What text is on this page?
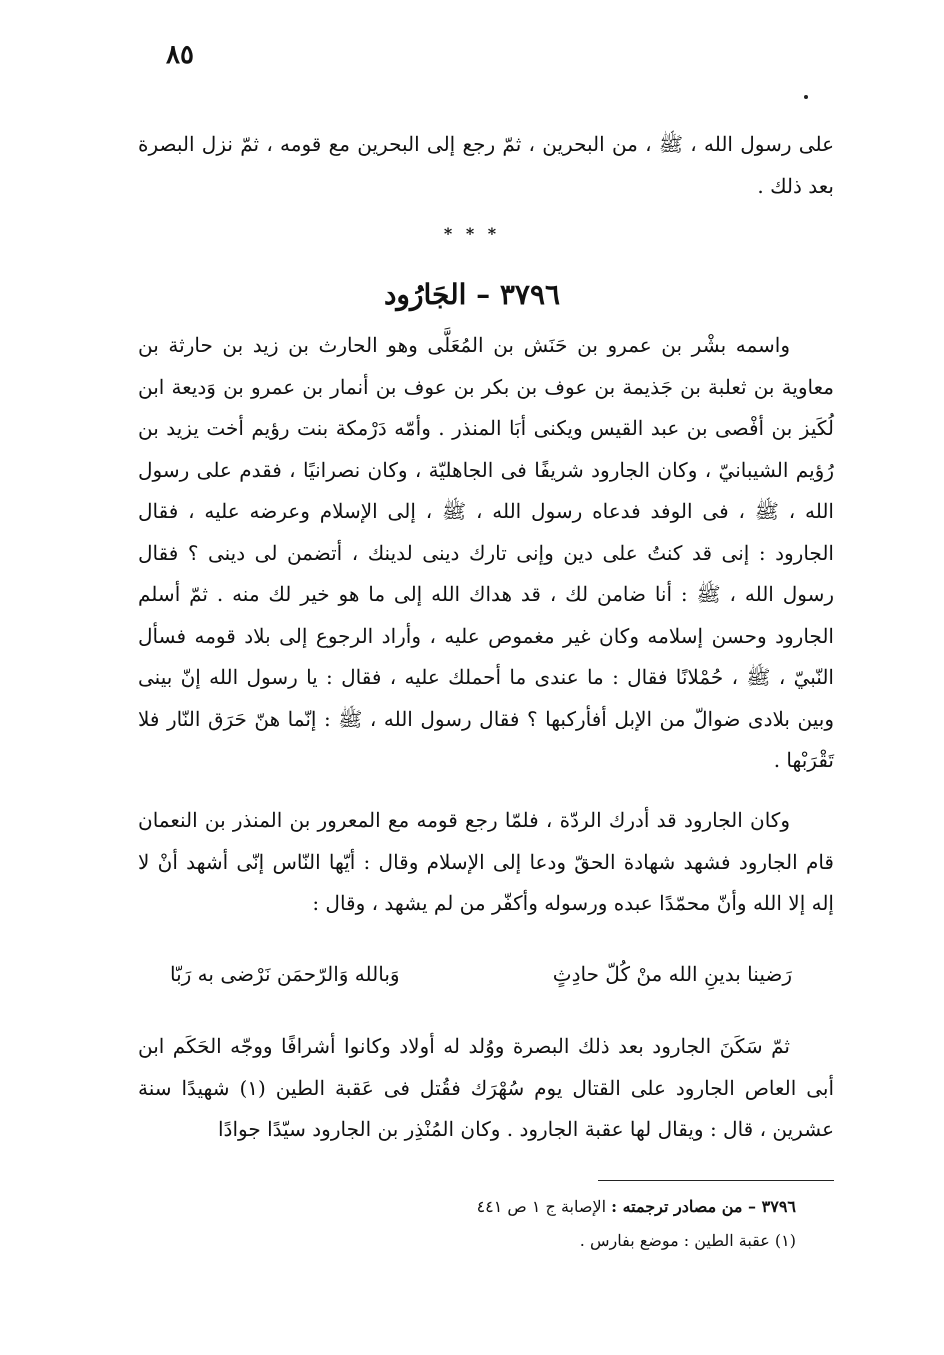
٨٥

على رسول الله ، ﷺ ، من البحرين ، ثمّ رجع إلى البحرين مع قومه ، ثمّ نزل البصرة بعد ذلك .

* * *
٣٧٩٦ – الجَارُود

واسمه بشْر بن عمرو بن حَنَش بن المُعَلَّى وهو الحارث بن زيد بن حارثة بن معاوية بن ثعلبة بن جَذيمة بن عوف بن بكر بن عوف بن أنمار بن عمرو بن وَديعة ابن لُكَيز بن أفْصى بن عبد القيس ويكنى أبَا المنذر . وأمّه دَرْمكة بنت رؤيم أخت يزيد بن رُؤيم الشيبانيّ ، وكان الجارود شريفًا فى الجاهليّة ، وكان نصرانيًا ، فقدم على رسول الله ، ﷺ ، فى الوفد فدعاه رسول الله ، ﷺ ، إلى الإسلام وعرضه عليه ، فقال الجارود : إنى قد كنتُ على دين وإنى تارك دينى لدينك ، أتضمن لى دينى ؟ فقال رسول الله ، ﷺ : أنا ضامن لك ، قد هداك الله إلى ما هو خير لك منه . ثمّ أسلم الجارود وحسن إسلامه وكان غير مغموص عليه ، وأراد الرجوع إلى بلاد قومه فسأل النّبيّ ، ﷺ ، حُمْلانًا فقال : ما عندى ما أحملك عليه ، فقال : يا رسول الله إنّ بينى وبين بلادى ضوالّ من الإبل أفأركبها ؟ فقال رسول الله ، ﷺ : إنّما هنّ حَرَق النّار فلا تَقْرَبْها .

وكان الجارود قد أدرك الردّة ، فلمّا رجع قومه مع المعرور بن المنذر بن النعمان قام الجارود فشهد شهادة الحقّ ودعا إلى الإسلام وقال : أيّها النّاس إنّى أشهد أنْ لا إله إلا الله وأنّ محمّدًا عبده ورسوله وأكفّر من لم يشهد ، وقال :

رَضينا بدينِ الله منْ كُلّ حادِثٍ
وَبالله وَالرّحمَن نَرْضى به رَبّا

ثمّ سَكَنَ الجارود بعد ذلك البصرة ووُلد له أولاد وكانوا أشرافًا ووجّه الحَكَم ابن أبى العاص الجارود على القتال يوم سُهْرَك فقُتل فى عَقبة الطين (١) شهيدًا سنة عشرين ، قال : ويقال لها عقبة الجارود . وكان المُنْذِر بن الجارود سيّدًا جوادًا

٣٧٩٦ – من مصادر ترجمته : الإصابة ج ١ ص ٤٤١
(١) عقبة الطين : موضع بفارس .
